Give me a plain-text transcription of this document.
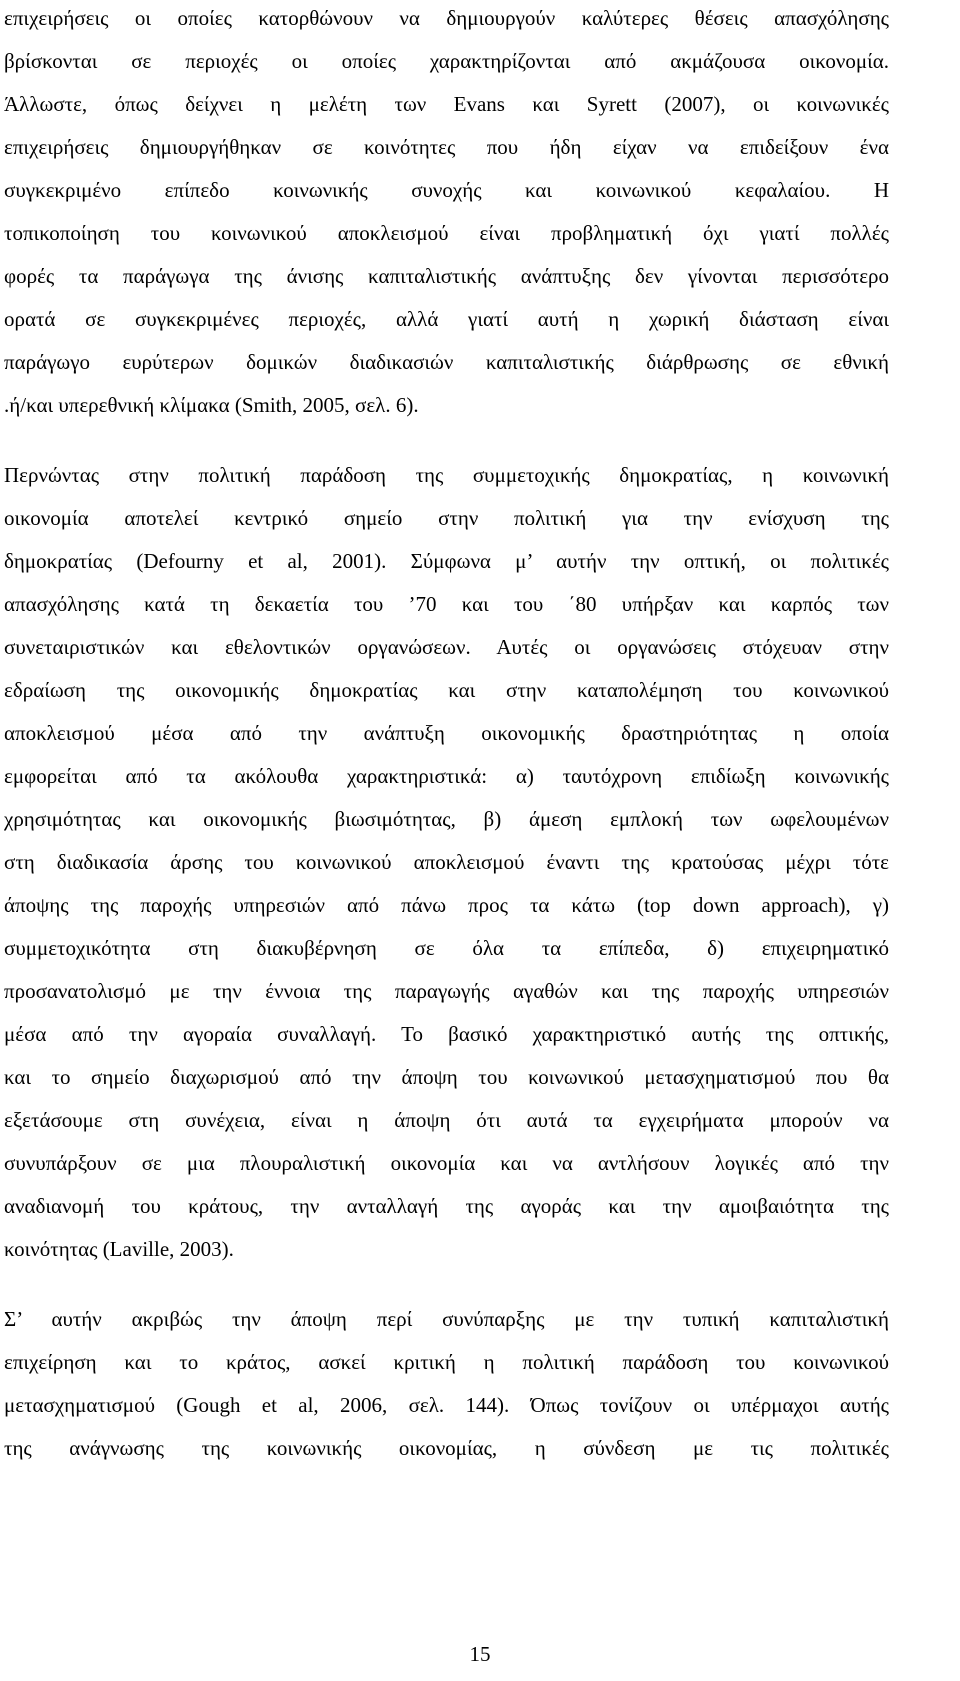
επιχειρήσεις οι οποίες κατορθώνουν να δημιουργούν καλύτερες θέσεις απασχόλησης
βρίσκονται σε περιοχές οι οποίες χαρακτηρίζονται από ακμάζουσα οικονομία.
Άλλωστε, όπως δείχνει η μελέτη των Evans και Syrett (2007), οι κοινωνικές
επιχειρήσεις δημιουργήθηκαν σε κοινότητες που ήδη είχαν να επιδείξουν ένα
συγκεκριμένο επίπεδο κοινωνικής συνοχής και κοινωνικού κεφαλαίου. Η
τοπικοποίηση του κοινωνικού αποκλεισμού είναι προβληματική όχι γιατί πολλές
φορές τα παράγωγα της άνισης καπιταλιστικής ανάπτυξης δεν γίνονται περισσότερο
ορατά σε συγκεκριμένες περιοχές, αλλά γιατί αυτή η χωρική διάσταση είναι
παράγωγο ευρύτερων δομικών διαδικασιών καπιταλιστικής διάρθρωσης σε εθνική
.ή/και υπερεθνική κλίμακα (Smith, 2005, σελ. 6).
Περνώντας στην πολιτική παράδοση της συμμετοχικής δημοκρατίας, η κοινωνική
οικονομία αποτελεί κεντρικό σημείο στην πολιτική για την ενίσχυση της
δημοκρατίας (Defourny et al, 2001). Σύμφωνα μ’ αυτήν την οπτική, οι πολιτικές
απασχόλησης κατά τη δεκαετία του ’70 και του ΄80 υπήρξαν και καρπός των
συνεταιριστικών και εθελοντικών οργανώσεων. Αυτές οι οργανώσεις στόχευαν στην
εδραίωση της οικονομικής δημοκρατίας και στην καταπολέμηση του κοινωνικού
αποκλεισμού μέσα από την ανάπτυξη οικονομικής δραστηριότητας η οποία
εμφορείται από τα ακόλουθα χαρακτηριστικά: α) ταυτόχρονη επιδίωξη κοινωνικής
χρησιμότητας και οικονομικής βιωσιμότητας, β) άμεση εμπλοκή των ωφελουμένων
στη διαδικασία άρσης του κοινωνικού αποκλεισμού έναντι της κρατούσας μέχρι τότε
άποψης της παροχής υπηρεσιών από πάνω προς τα κάτω (top down approach), γ)
συμμετοχικότητα στη διακυβέρνηση σε όλα τα επίπεδα, δ) επιχειρηματικό
προσανατολισμό με την έννοια της παραγωγής αγαθών και της παροχής υπηρεσιών
μέσα από την αγοραία συναλλαγή. Το βασικό χαρακτηριστικό αυτής της οπτικής,
και το σημείο διαχωρισμού από την άποψη του κοινωνικού μετασχηματισμού που θα
εξετάσουμε στη συνέχεια, είναι η άποψη ότι αυτά τα εγχειρήματα μπορούν να
συνυπάρξουν σε μια πλουραλιστική οικονομία και να αντλήσουν λογικές από την
αναδιανομή του κράτους, την ανταλλαγή της αγοράς και την αμοιβαιότητα της
κοινότητας (Laville, 2003).
Σ’ αυτήν ακριβώς την άποψη περί συνύπαρξης με την τυπική καπιταλιστική
επιχείρηση και το κράτος, ασκεί κριτική η πολιτική παράδοση του κοινωνικού
μετασχηματισμού (Gough et al, 2006, σελ. 144). Όπως τονίζουν οι υπέρμαχοι αυτής
της ανάγνωσης της κοινωνικής οικονομίας, η σύνδεση με τις πολιτικές
15
